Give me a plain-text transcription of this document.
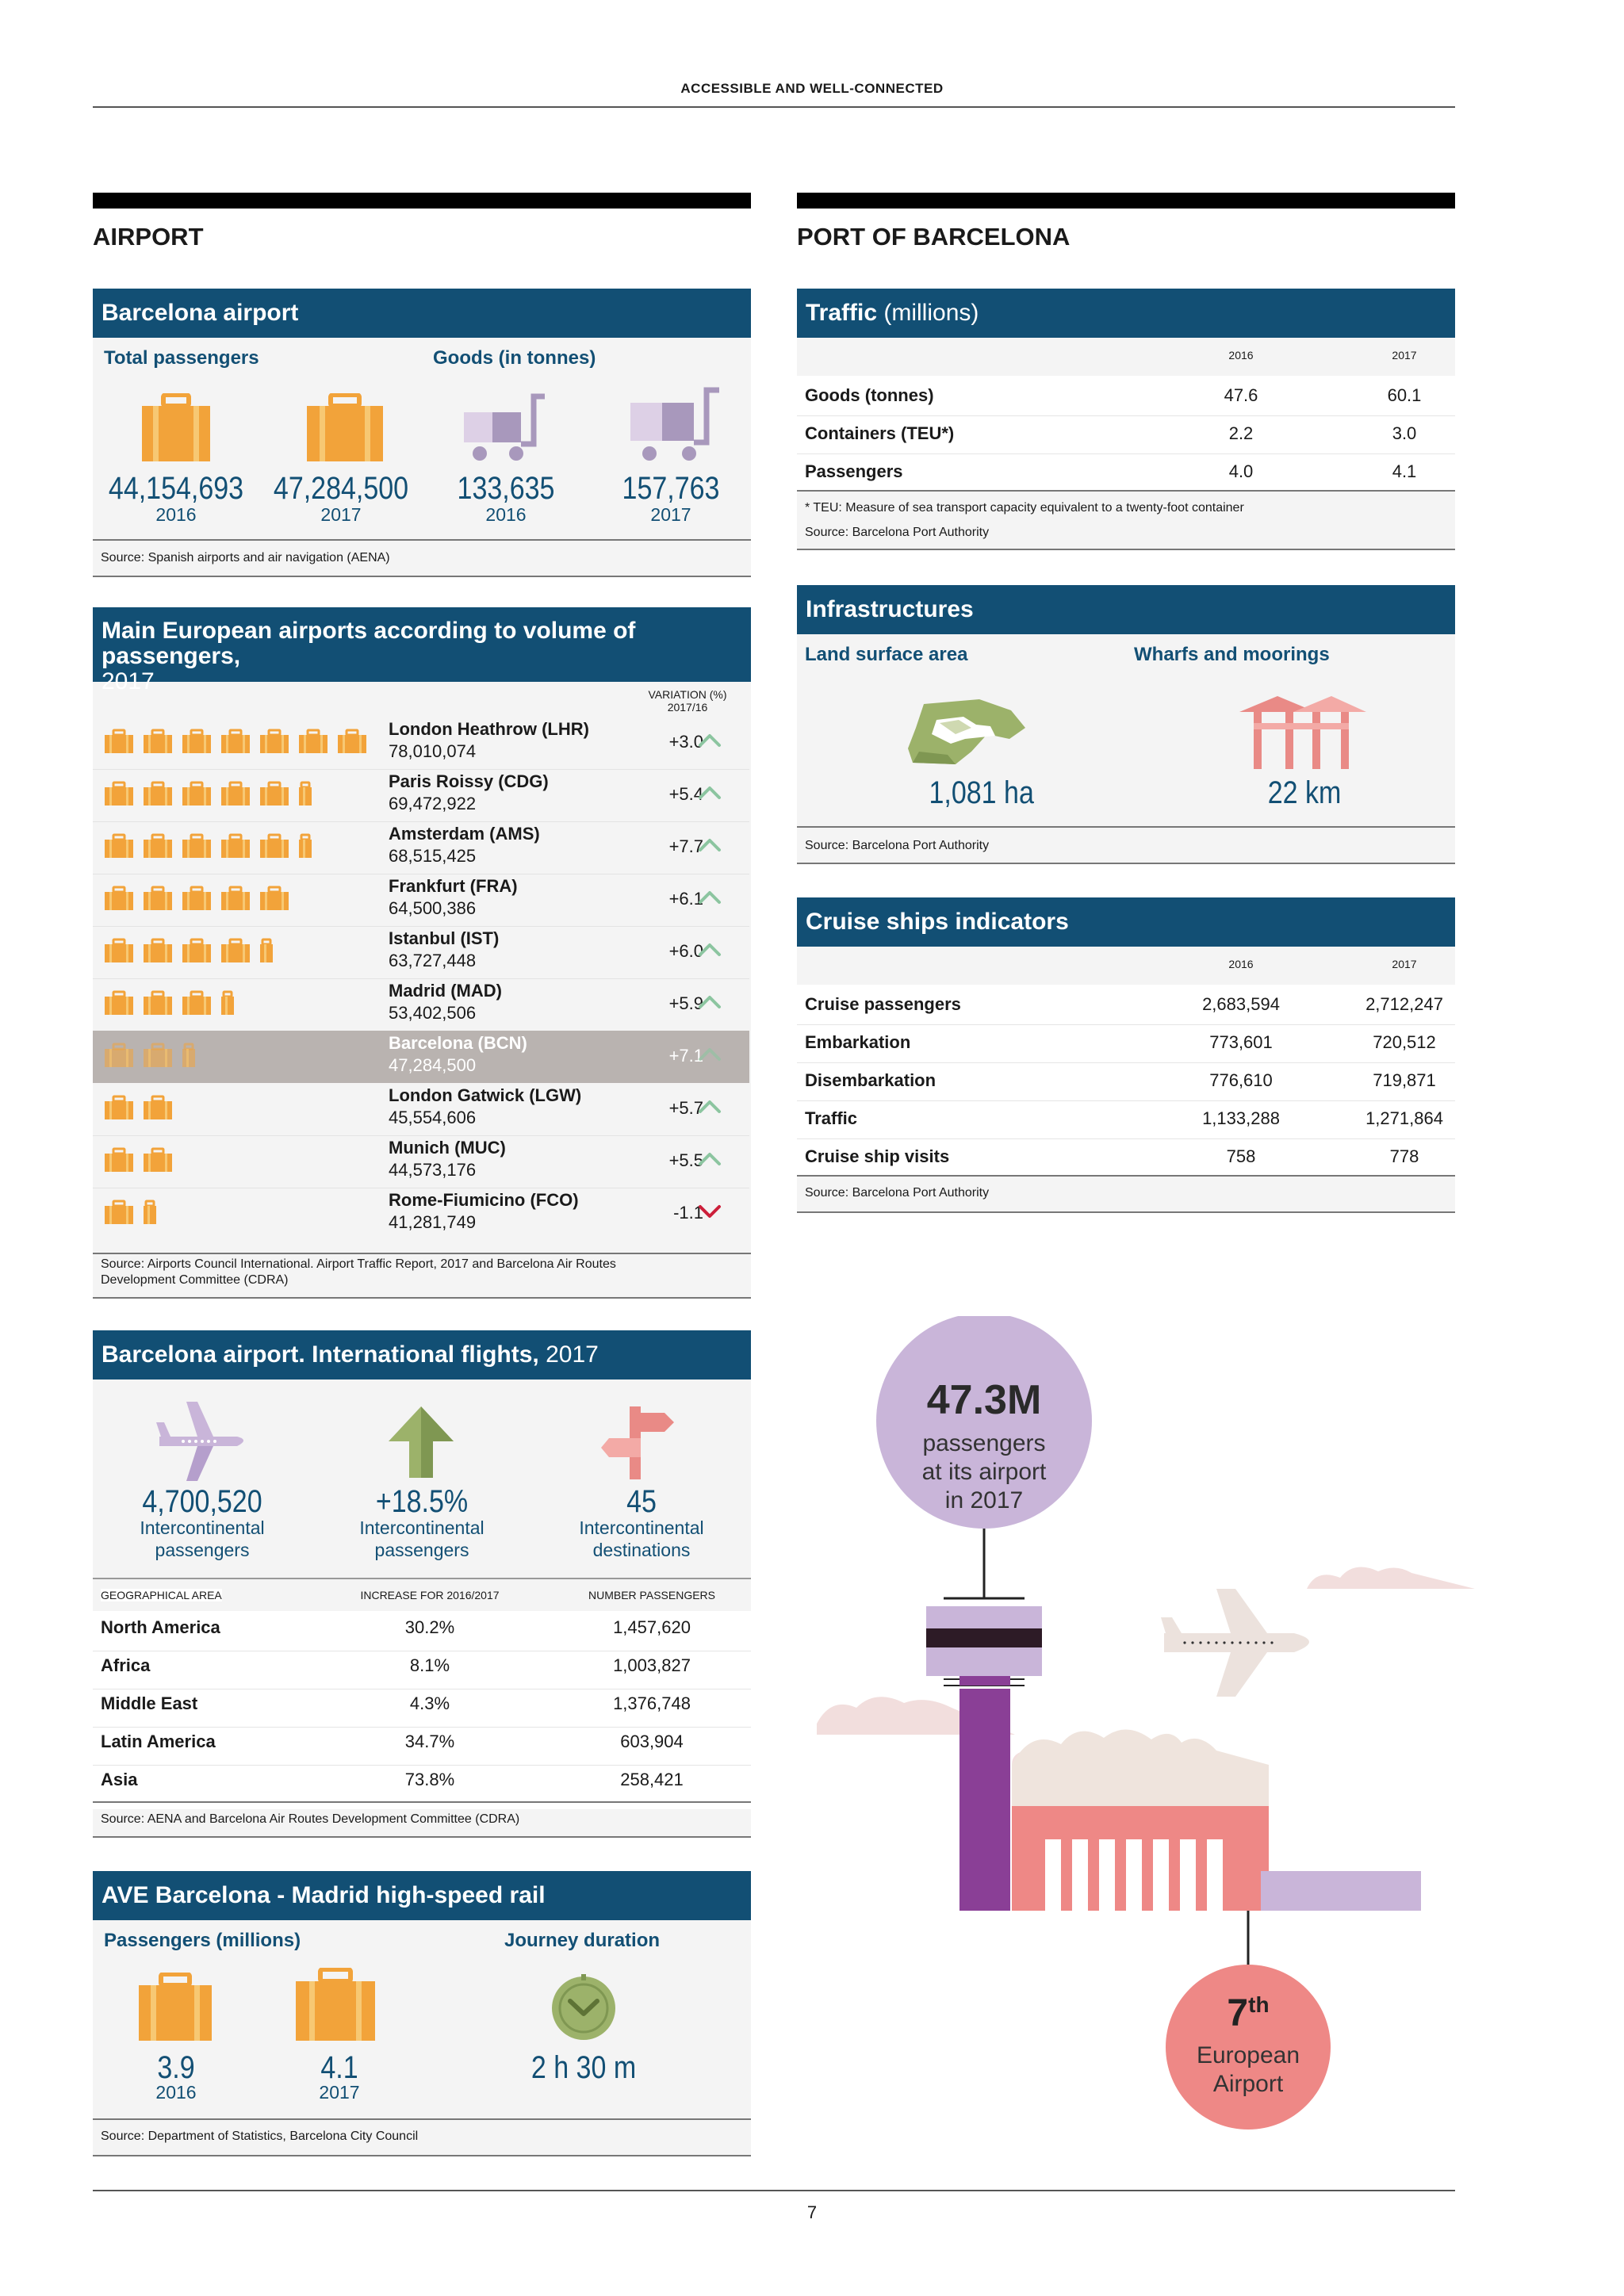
ACCESSIBLE AND WELL-CONNECTED
AIRPORT	PORT OF BARCELONA
Barcelona airport
Total passengers	Goods (in tonnes)
44,154,693
2016
47,284,500
2017
133,635
2016
157,763
2017
Source: Spanish airports and air navigation (AENA)
Main European airports according to volume of passengers,
2017	VARIATION (%)
2017/16
Source: Airports Council International. Airport Traffic Report, 2017 and Barcelona Air Routes
Development Committee (CDRA)
London Heathrow (LHR)
78,010,074	+3.0
Paris Roissy (CDG)
69,472,922	+5.4
Amsterdam (AMS)
68,515,425	+7.7
Frankfurt (FRA)
64,500,386	+6.1
Istanbul (IST)
63,727,448	+6.0
Madrid (MAD)
53,402,506	+5.9
Barcelona (BCN)
47,284,500	+7.1
London Gatwick (LGW)
45,554,606	+5.7
Munich (MUC)
44,573,176	+5.5
Rome-Fiumicino (FCO)
41,281,749	-1.1
Barcelona airport. International flights, 2017
4,700,520
Intercontinental
passengers
+18.5%
Intercontinental
passengers
45
Intercontinental
destinations
GEOGRAPHICAL AREA	INCREASE FOR 2016/2017	NUMBER PASSENGERS
Source: AENA and Barcelona Air Routes Development Committee (CDRA)
North America	30.2%	1,457,620
Africa	8.1%	1,003,827
Middle East	4.3%	1,376,748
Latin America	34.7%	603,904
Asia	73.8%	258,421
AVE Barcelona - Madrid high-speed rail
Passengers (millions)	Journey duration
3.9
2016
4.1
2017
2 h 30 m
Source: Department of Statistics, Barcelona City Council
Traffic (millions)
2016	2017
* TEU: Measure of sea transport capacity equivalent to a twenty-foot container
Source: Barcelona Port Authority
Goods (tonnes)	47.6	60.1
Containers (TEU*)	2.2	3.0
Passengers	4.0	4.1
Infrastructures
Land surface area	Wharfs and moorings
1,081 ha	22 km
Source: Barcelona Port Authority
Cruise ships indicators
2016	2017
Source: Barcelona Port Authority
Cruise passengers	2,683,594	2,712,247
Embarkation	773,601	720,512
Disembarkation	776,610	719,871
Traffic	1,133,288	1,271,864
Cruise ship visits	758	778
47.3M
passengers
at its airport
in 2017
7th
European
Airport
7
